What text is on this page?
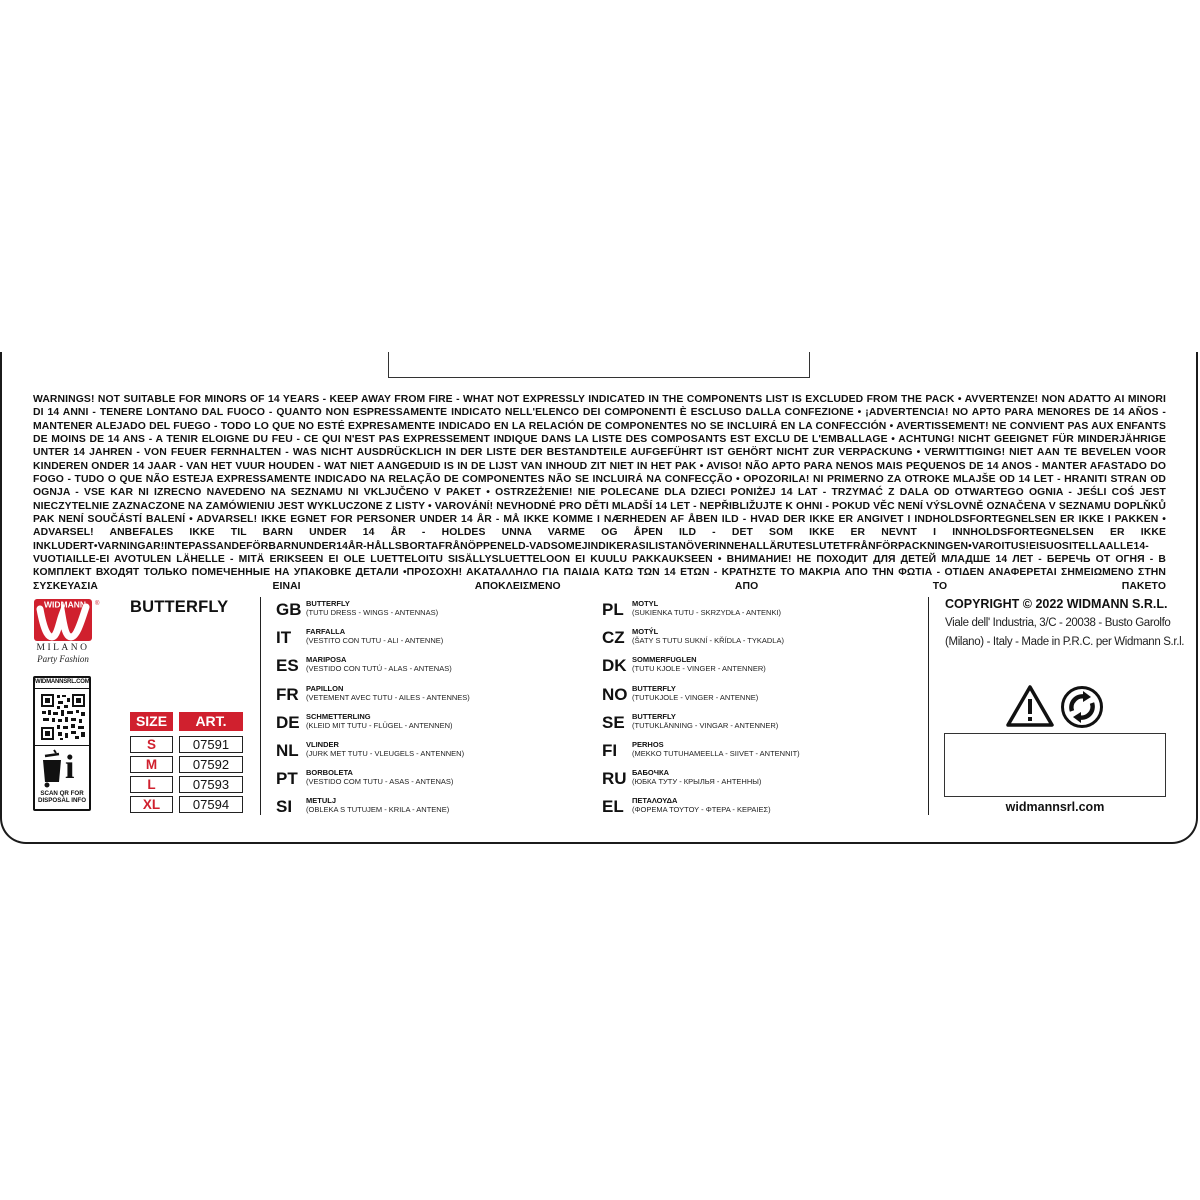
WARNINGS! NOT SUITABLE FOR MINORS OF 14 YEARS - KEEP AWAY FROM FIRE - WHAT NOT EXPRESSLY INDICATED IN THE COMPONENTS LIST IS EXCLUDED FROM THE PACK • AVVERTENZE! NON ADATTO AI MINORI DI 14 ANNI - TENERE LONTANO DAL FUOCO - QUANTO NON ESPRESSAMENTE INDICATO NELL'ELENCO DEI COMPONENTI È ESCLUSO DALLA CONFEZIONE • ¡ADVERTENCIA! NO APTO PARA MENORES DE 14 AÑOS - MANTENER ALEJADO DEL FUEGO - TODO LO QUE NO ESTÉ EXPRESAMENTE INDICADO EN LA RELACIÓN DE COMPONENTES NO SE INCLUIRÁ EN LA CONFECCIÓN • AVERTISSEMENT! NE CONVIENT PAS AUX ENFANTS DE MOINS DE 14 ANS - A TENIR ELOIGNE DU FEU - CE QUI N'EST PAS EXPRESSEMENT INDIQUE DANS LA LISTE DES COMPOSANTS EST EXCLU DE L'EMBALLAGE • ACHTUNG! NICHT GEEIGNET FÜR MINDERJÄHRIGE UNTER 14 JAHREN - VON FEUER FERNHALTEN - WAS NICHT AUSDRÜCKLICH IN DER LISTE DER BESTANDTEILE AUFGEFÜHRT IST GEHÖRT NICHT ZUR VERPACKUNG • VERWITTIGING! NIET AAN TE BEVELEN VOOR KINDEREN ONDER 14 JAAR - VAN HET VUUR HOUDEN - WAT NIET AANGEDUID IS IN DE LIJST VAN INHOUD ZIT NIET IN HET PAK • AVISO! NÃO APTO PARA NENOS MAIS PEQUENOS DE 14 ANOS - MANTER AFASTADO DO FOGO - TUDO O QUE NÃO ESTEJA EXPRESSAMENTE INDICADO NA RELAÇÃO DE COMPONENTES NÃO SE INCLUIRÁ NA CONFECÇÃO • OPOZORILA! NI PRIMERNO ZA OTROKE MLAJŠE OD 14 LET - HRANITI STRAN OD OGNJA - VSE KAR NI IZRECNO NAVEDENO NA SEZNAMU NI VKLJUČENO V PAKET • OSTRZEŻENIE! NIE POLECANE DLA DZIECI PONIŻEJ 14 LAT - TRZYMAĆ Z DALA OD OTWARTEGO OGNIA - JEŚLI COŚ JEST NIECZYTELNIE ZAZNACZONE NA ZAMÓWIENIU JEST WYKLUCZONE Z LISTY • VAROVÁNÍ! NEVHODNÉ PRO DĚTI MLADŠÍ 14 LET - NEPŘIBLIŽUJTE K OHNI - POKUD VĚC NENÍ VÝSLOVNĚ OZNAČENA V SEZNAMU DOPLŇKŮ PAK NENÍ SOUČÁSTÍ BALENÍ • ADVARSEL! IKKE EGNET FOR PERSONER UNDER 14 ÅR - MÅ IKKE KOMME I NÆRHEDEN AF ÅBEN ILD - HVAD DER IKKE ER ANGIVET I INDHOLDSFORTEGNELSEN ER IKKE I PAKKEN • ADVARSEL! ANBEFALES IKKE TIL BARN UNDER 14 ÅR - HOLDES UNNA VARME OG ÅPEN ILD - DET SOM IKKE ER NEVNT I INNHOLDSFORTEGNELSEN ER IKKE INKLUDERT•VARNINGAR!INTEPASSANDEFÖRBARNUNDER14ÅR-HÅLLSBORTAFRÅNÖPPENELD-VADSOMEJINDIKERASILISTANÖVERINNEHALLÄRUTESLUTETFRÅNFÖRPACKNINGEN•VAROITUS!EISUOSITELLAALLE14-VUOTIAILLE-EI AVOTULEN LÄHELLE - MITÄ ERIKSEEN EI OLE LUETTELOITU SISÄLLYSLUETTELOON EI KUULU PAKKAUKSEEN • ВНИМАНИЕ! НЕ ПОХОДИТ ДЛЯ ДЕТЕЙ МЛАДШЕ 14 ЛЕТ - БЕРЕЧЬ ОТ ОГНЯ - В КОМПЛЕКТ ВХОДЯТ ТОЛЬКО ПОМЕЧЕННЫЕ НА УПАКОВКЕ ДЕТАЛИ •ΠΡΟΣΟΧΗ! ΑΚΑΤΑΛΛΗΛΟ ΓΙΑ ΠΑΙΔΙΑ ΚΑΤΩ ΤΩΝ 14 ΕΤΩΝ - ΚΡΑΤΗΣΤΕ ΤΟ ΜΑΚΡΙΑ ΑΠΟ ΤΗΝ ΦΩΤΙΑ - ΟΤΙΔΕΝ ΑΝΑΦΕΡΕΤΑΙ ΣΗΜΕΙΩΜΕΝΟ ΣΤΗΝ ΣΥΣΚΕΥΑΣΙΑ ΕΙΝΑΙ ΑΠΟΚΛΕΙΣΜΕΝΟ ΑΠΟ ΤΟ ΠΑΚΕΤΟ

WIDMANN ®
MILANO
Party Fashion
WIDMANNSRL.COM
i
SCAN QR FOR
DISPOSAL INFO
BUTTERFLY
SIZE	ART.
S	07591
M	07592
L	07593
XL	07594
GB BUTTERFLY
(TUTU DRESS - WINGS - ANTENNAS)
IT FARFALLA
(VESTITO CON TUTU - ALI - ANTENNE)
ES MARIPOSA
(VESTIDO CON TUTÚ - ALAS - ANTENAS)
FR PAPILLON
(VETEMENT AVEC TUTU - AILES - ANTENNES)
DE SCHMETTERLING
(KLEID MIT TUTU - FLÜGEL - ANTENNEN)
NL VLINDER
(JURK MET TUTU - VLEUGELS - ANTENNEN)
PT BORBOLETA
(VESTIDO COM TUTU - ASAS - ANTENAS)
SI METULJ
(OBLEKA S TUTUJEM - KRILA - ANTENE)
PL MOTYL
(SUKIENKA TUTU - SKRZYDŁA - ANTENKI)
CZ MOTÝL
(ŠATY S TUTU SUKNÍ - KŘÍDLA - TYKADLA)
DK SOMMERFUGLEN
(TUTU KJOLE - VINGER - ANTENNER)
NO BUTTERFLY
(TUTUKJOLE - VINGER - ANTENNE)
SE BUTTERFLY
(TUTUKLÄNNING - VINGAR - ANTENNER)
FI PERHOS
(MEKKO TUTUHAMEELLA - SIIVET - ANTENNIT)
RU БАБОЧКА
(ЮБКА ТУТУ - КРЫЛЬЯ - АНТЕННЫ)
EL ΠΕΤΑΛΟΥΔΑ
(ΦΟΡΕΜΑ ΤΟΥΤΟΥ - ΦΤΕΡΑ - ΚΕΡΑΙΕΣ)
COPYRIGHT © 2022 WIDMANN S.R.L.
Viale dell' Industria, 3/C - 20038 - Busto Garolfo
(Milano) - Italy - Made in P.R.C. per Widmann S.r.l.
widmannsrl.com
